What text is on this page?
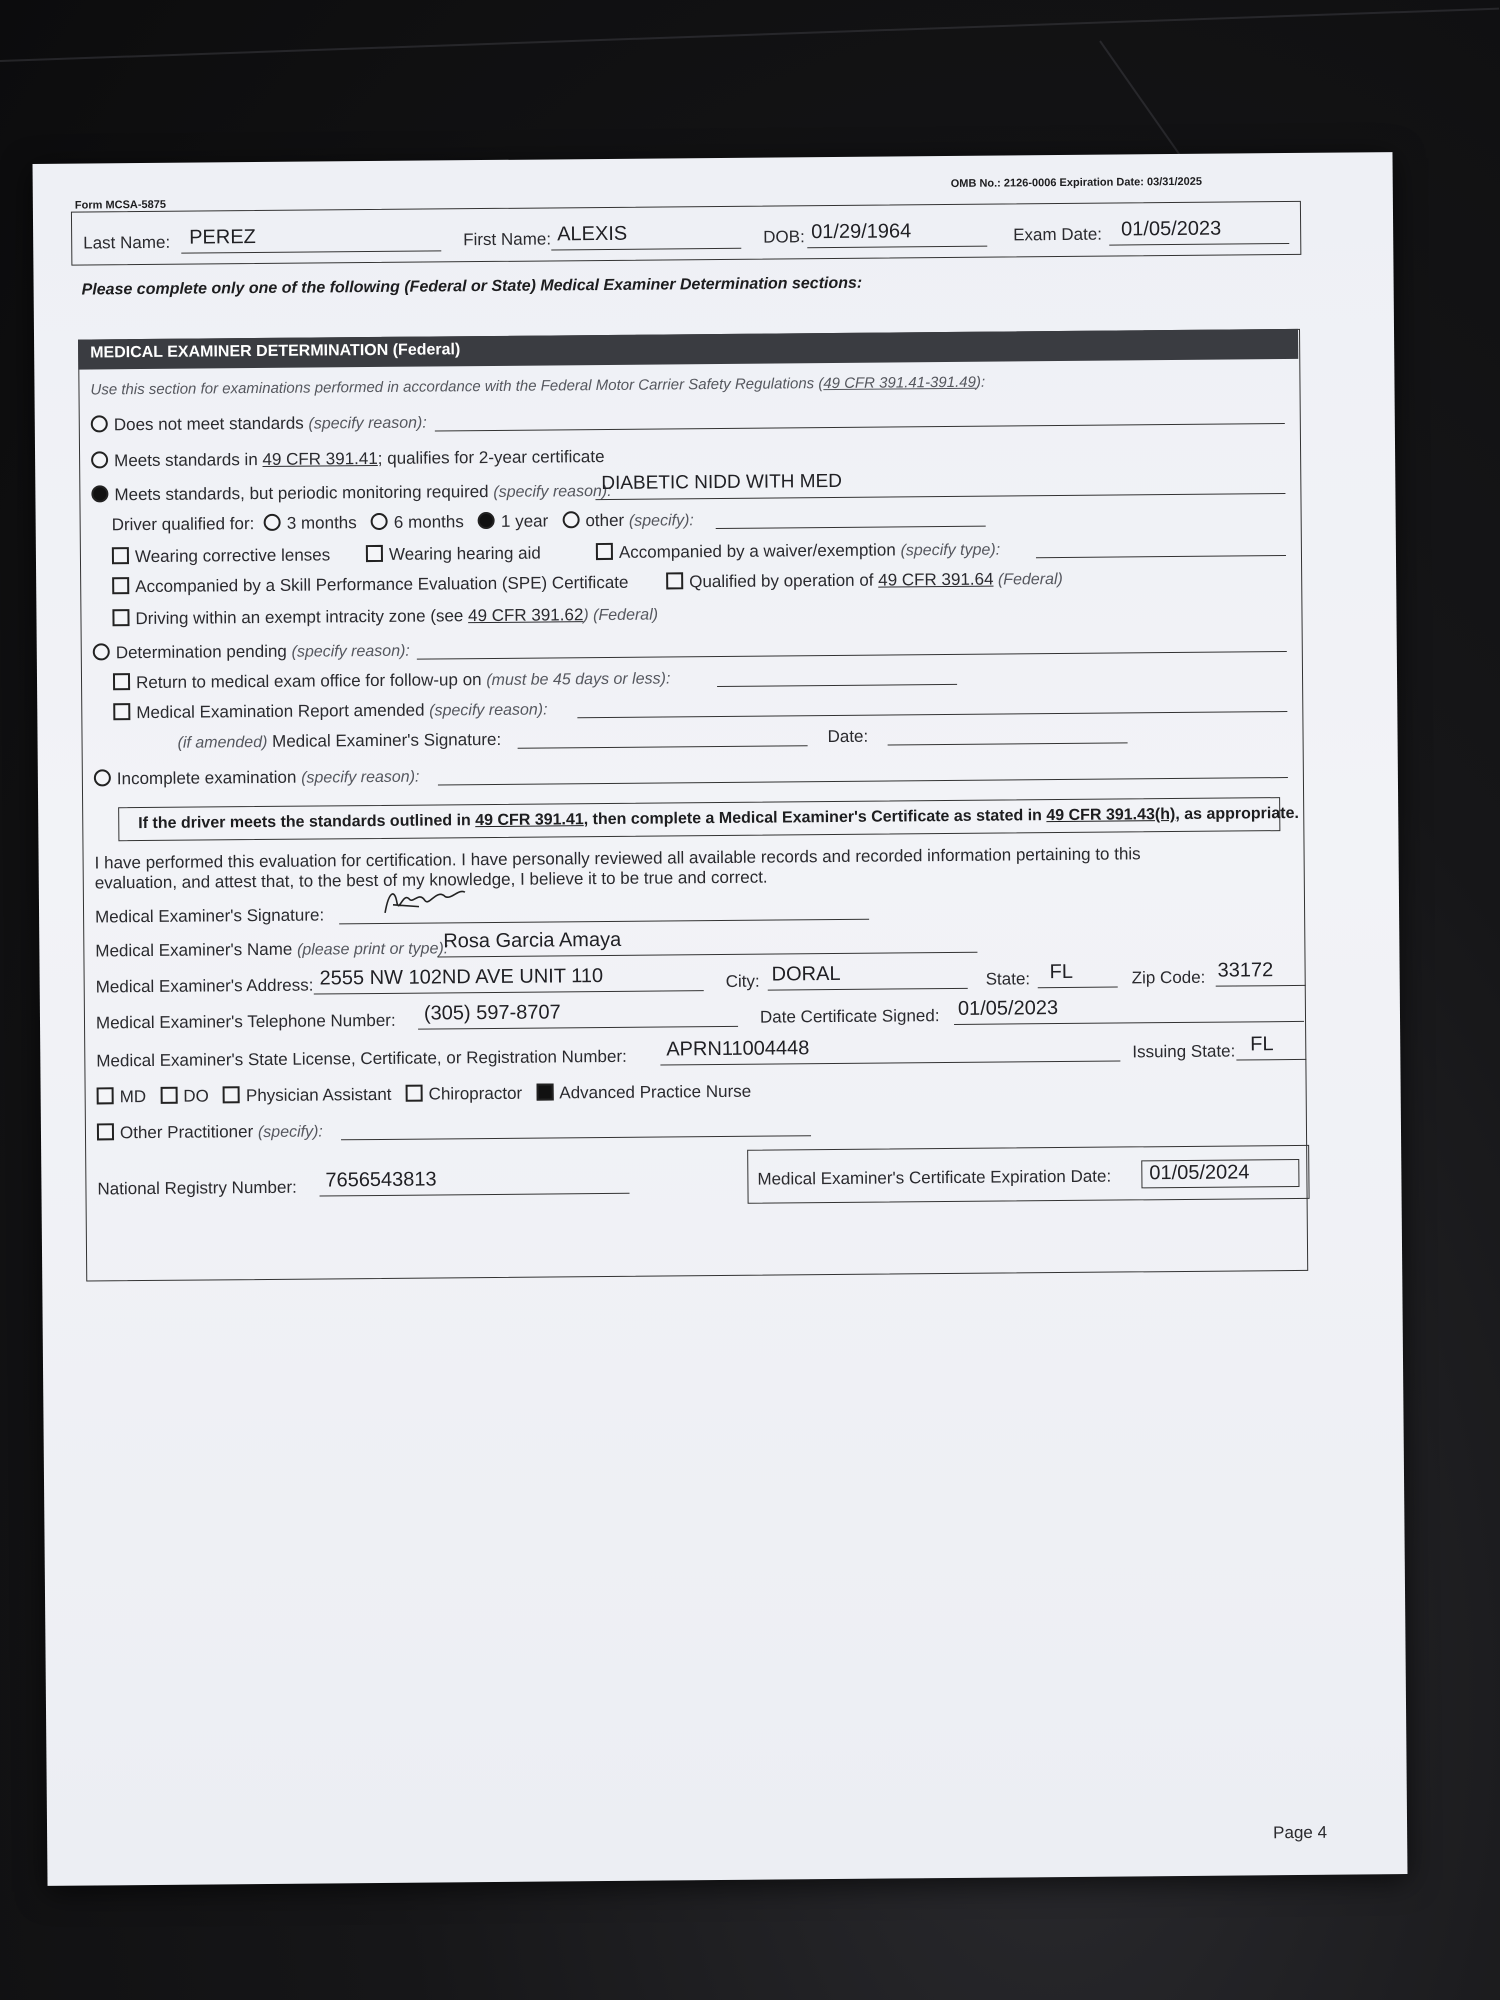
Form MCSA-5875
OMB No.: 2126-0006 Expiration Date: 03/31/2025
Last Name: PEREZ	First Name: ALEXIS	DOB: 01/29/1964	Exam Date: 01/05/2023
Please complete only one of the following (Federal or State) Medical Examiner Determination sections:
MEDICAL EXAMINER DETERMINATION (Federal)
Use this section for examinations performed in accordance with the Federal Motor Carrier Safety Regulations (49 CFR 391.41-391.49):
Does not meet standards (specify reason):
Meets standards in 49 CFR 391.41; qualifies for 2-year certificate
Meets standards, but periodic monitoring required (specify reason):
DIABETIC NIDD WITH MED
Driver qualified for: 3 months 6 months 1 year other (specify):
Wearing corrective lenses	Wearing hearing aid	Accompanied by a waiver/exemption (specify type):
Accompanied by a Skill Performance Evaluation (SPE) Certificate	Qualified by operation of 49 CFR 391.64 (Federal)
Driving within an exempt intracity zone (see 49 CFR 391.62) (Federal)
Determination pending (specify reason):
Return to medical exam office for follow-up on (must be 45 days or less):
Medical Examination Report amended (specify reason):
(if amended) Medical Examiner's Signature:	Date:
Incomplete examination (specify reason):
If the driver meets the standards outlined in 49 CFR 391.41, then complete a Medical Examiner's Certificate as stated in 49 CFR 391.43(h), as appropriate.
I have performed this evaluation for certification. I have personally reviewed all available records and recorded information pertaining to this
evaluation, and attest that, to the best of my knowledge, I believe it to be true and correct.
Medical Examiner's Signature:
Medical Examiner's Name (please print or type):
Rosa Garcia Amaya
Medical Examiner's Address: 2555 NW 102ND AVE UNIT 110	City: DORAL	State: FL	Zip Code: 33172
Medical Examiner's Telephone Number: (305) 597-8707	Date Certificate Signed: 01/05/2023
Medical Examiner's State License, Certificate, or Registration Number: APRN11004448	Issuing State: FL
MD DO Physician Assistant Chiropractor Advanced Practice Nurse
Other Practitioner (specify):
National Registry Number: 7656543813	Medical Examiner's Certificate Expiration Date: 01/05/2024
Page 4
